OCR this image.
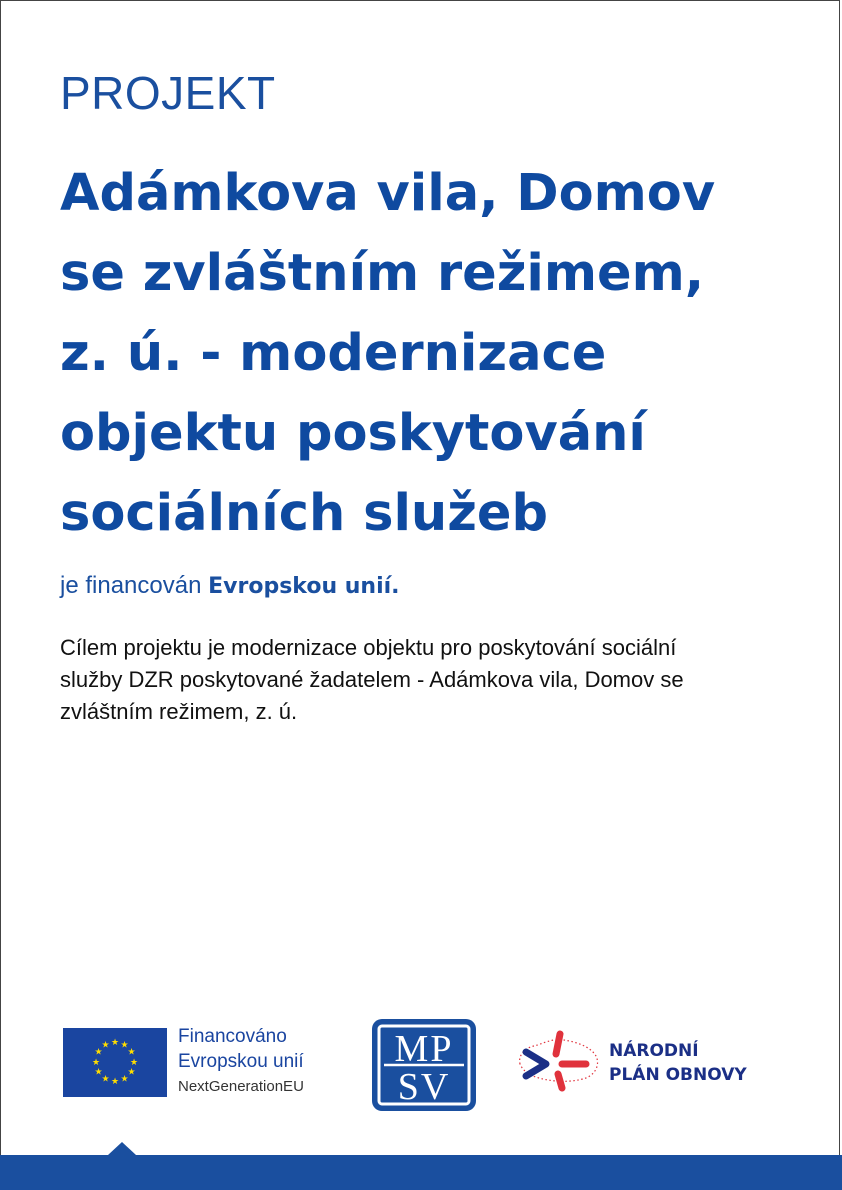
PROJEKT
Adámkova vila, Domov
se zvláštním režimem,
z. ú. - modernizace
objektu poskytování
sociálních služeb
je financován Evropskou unií.
Cílem projektu je modernizace objektu pro poskytování sociální
služby DZR poskytované žadatelem - Adámkova vila, Domov se
zvláštním režimem, z. ú.
★ ★
★
★
★
★
★
★
★
★
★
★	Financováno
Evropskou unií
NextGenerationEU
MP
SV
NÁRODNÍ
PLÁN OBNOVY
